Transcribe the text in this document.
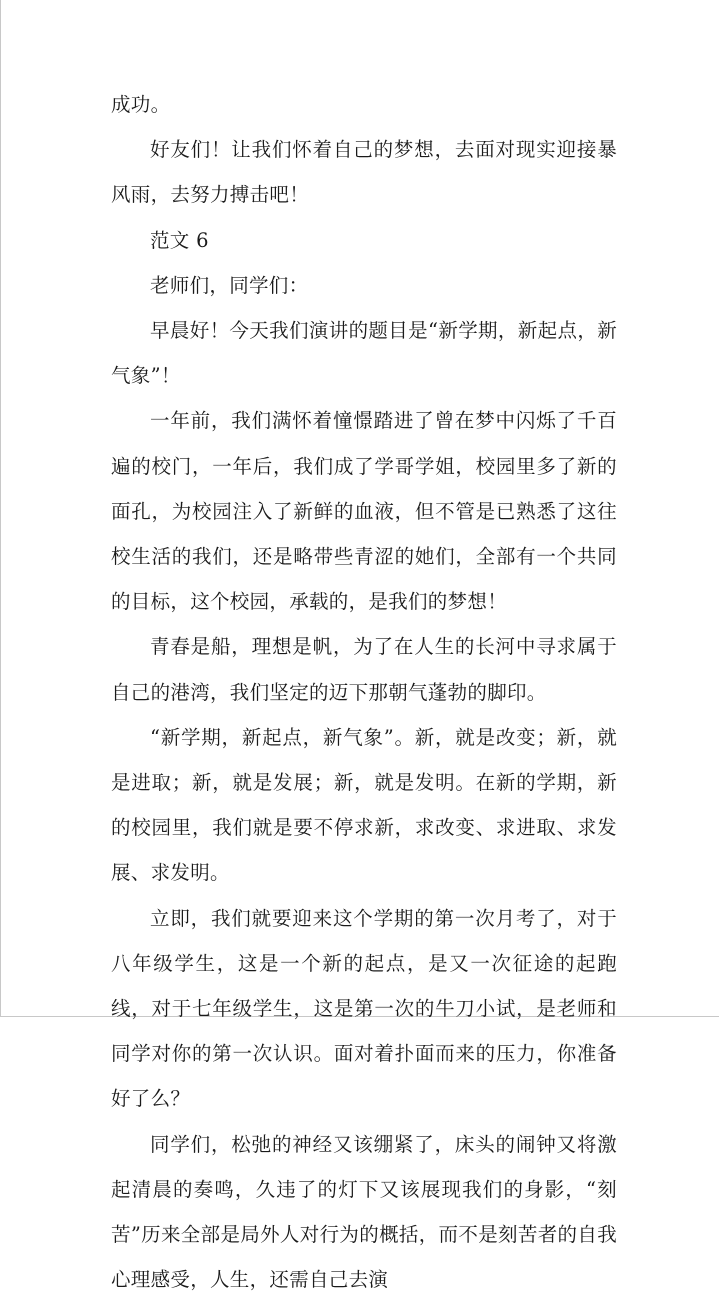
成功。

好友们！让我们怀着自己的梦想，去面对现实迎接暴风雨，去努力搏击吧！

范文 6

老师们，同学们：

早晨好！今天我们演讲的题目是“新学期，新起点，新气象”！

一年前，我们满怀着憧憬踏进了曾在梦中闪烁了千百遍的校门，一年后，我们成了学哥学姐，校园里多了新的面孔，为校园注入了新鲜的血液，但不管是已熟悉了这往校生活的我们，还是略带些青涩的她们，全部有一个共同的目标，这个校园，承载的，是我们的梦想！

青春是船，理想是帆，为了在人生的长河中寻求属于自己的港湾，我们坚定的迈下那朝气蓬勃的脚印。

“新学期，新起点，新气象”。新，就是改变；新，就是进取；新，就是发展；新，就是发明。在新的学期，新的校园里，我们就是要不停求新，求改变、求进取、求发展、求发明。

立即，我们就要迎来这个学期的第一次月考了，对于八年级学生，这是一个新的起点，是又一次征途的起跑线，对于七年级学生，这是第一次的牛刀小试，是老师和同学对你的第一次认识。面对着扑面而来的压力，你准备好了么？

同学们，松弛的神经又该绷紧了，床头的闹钟又将激起清晨的奏鸣，久违了的灯下又该展现我们的身影，“刻苦”历来全部是局外人对行为的概括，而不是刻苦者的自我心理感受，人生，还需自己去演
